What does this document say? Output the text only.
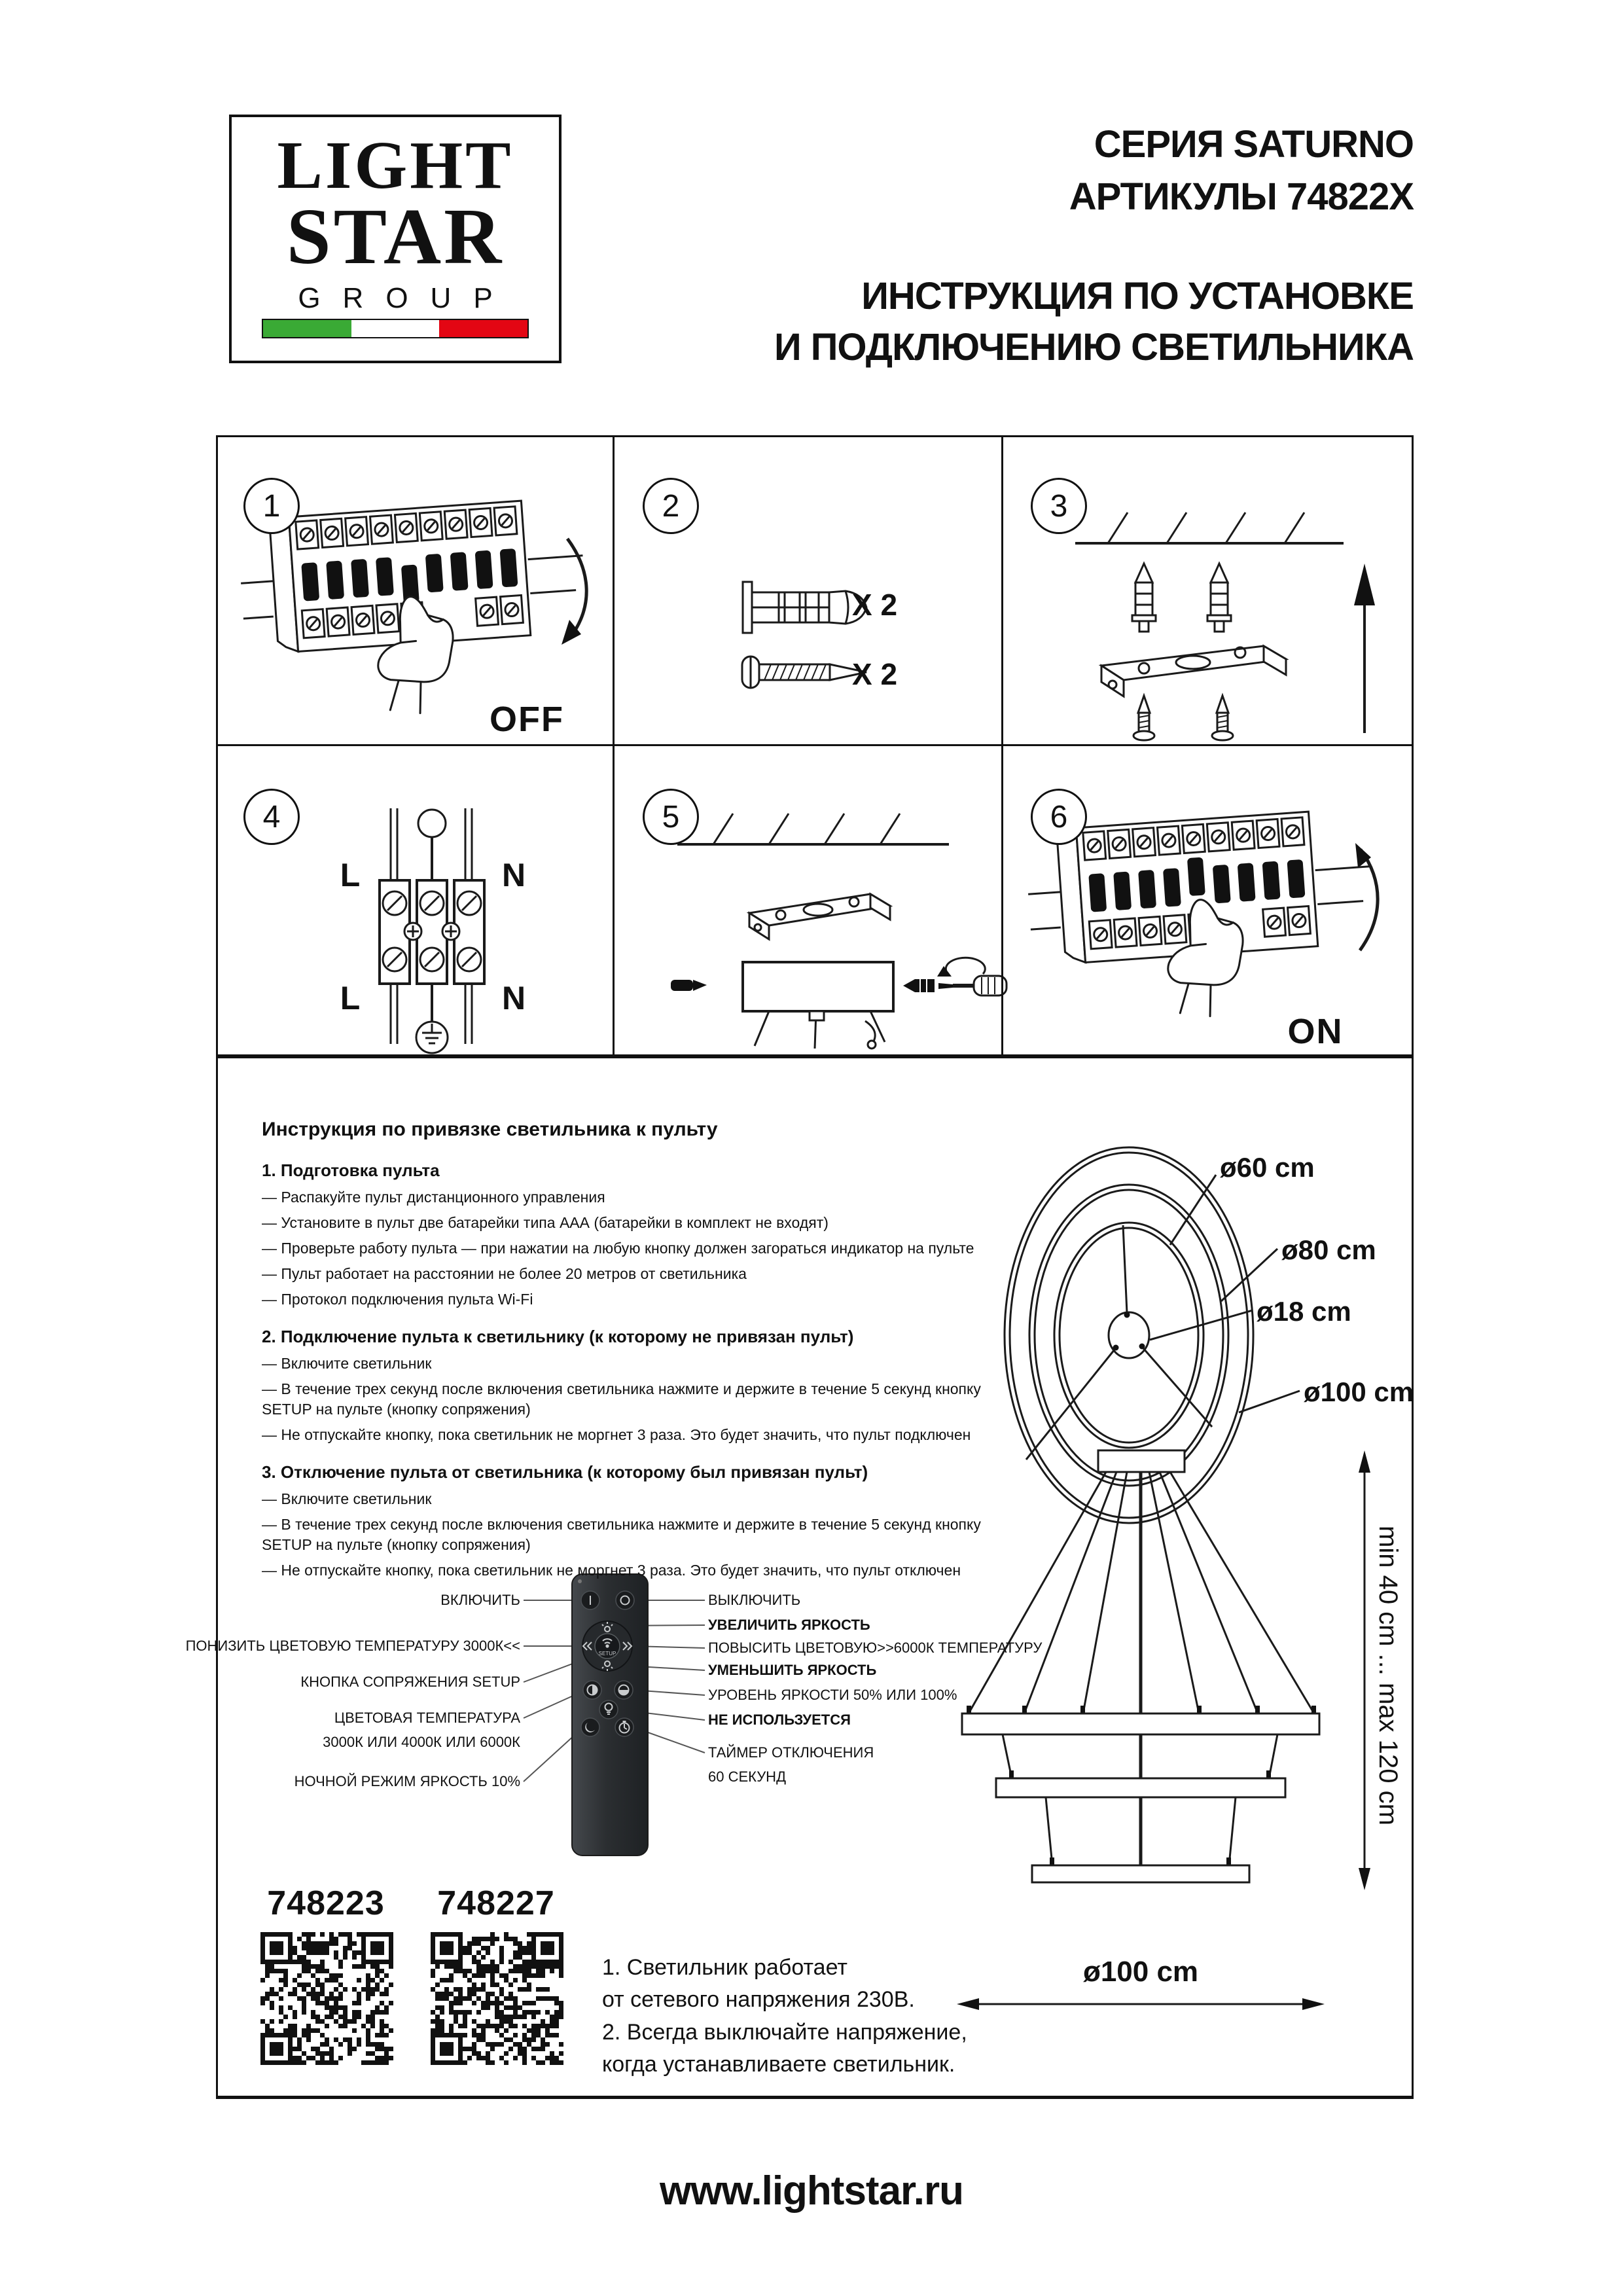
SETUP
LIGHT
STAR
GROUP
СЕРИЯ SATURNO
АРТИКУЛЫ 74822X
ИНСТРУКЦИЯ ПО УСТАНОВКЕ
И ПОДКЛЮЧЕНИЮ СВЕТИЛЬНИКА
1	2	3
4	5	6
OFF
ON
X 2
X 2
L	N
L	N
Инструкция по привязке светильника к пульту
1. Подготовка пульта
— Распакуйте пульт дистанционного управления
— Установите в пульт две батарейки типа ААА (батарейки в комплект не входят)
— Проверьте работу пульта — при нажатии на любую кнопку должен загораться индикатор на пульте
— Пульт работает на расстоянии не более 20 метров от светильника
— Протокол подключения пульта Wi-Fi
2. Подключение пульта к светильнику (к которому не привязан пульт)
— Включите светильник
— В течение трех секунд после включения светильника нажмите и держите в течение 5 секунд кнопку SETUP на пульте (кнопку сопряжения)
— Не отпускайте кнопку, пока светильник не моргнет 3 раза. Это будет значить, что пульт подключен
3. Отключение пульта от светильника (к которому был привязан пульт)
— Включите светильник
— В течение трех секунд после включения светильника нажмите и держите в течение 5 секунд кнопку SETUP на пульте (кнопку сопряжения)
— Не отпускайте кнопку, пока светильник не моргнет 3 раза. Это будет значить, что пульт отключен
ВКЛЮЧИТЬ
ПОНИЗИТЬ ЦВЕТОВУЮ ТЕМПЕРАТУРУ 3000К<<
КНОПКА СОПРЯЖЕНИЯ SETUP
ЦВЕТОВАЯ ТЕМПЕРАТУРА
3000К ИЛИ 4000К ИЛИ 6000К
НОЧНОЙ РЕЖИМ ЯРКОСТЬ 10%
ВЫКЛЮЧИТЬ
УВЕЛИЧИТЬ ЯРКОСТЬ
ПОВЫСИТЬ ЦВЕТОВУЮ>>6000К ТЕМПЕРАТУРУ
УМЕНЬШИТЬ ЯРКОСТЬ
УРОВЕНЬ ЯРКОСТИ 50% ИЛИ 100%
НЕ ИСПОЛЬЗУЕТСЯ
ТАЙМЕР ОТКЛЮЧЕНИЯ
60 СЕКУНД
ø60 cm
ø80 cm
ø18 cm
ø100 cm
min 40 cm ... max 120 cm
ø100 cm
748223 748227
1. Светильник работает
от сетевого напряжения 230В.
2. Всегда выключайте напряжение,
когда устанавливаете светильник.
www.lightstar.ru
